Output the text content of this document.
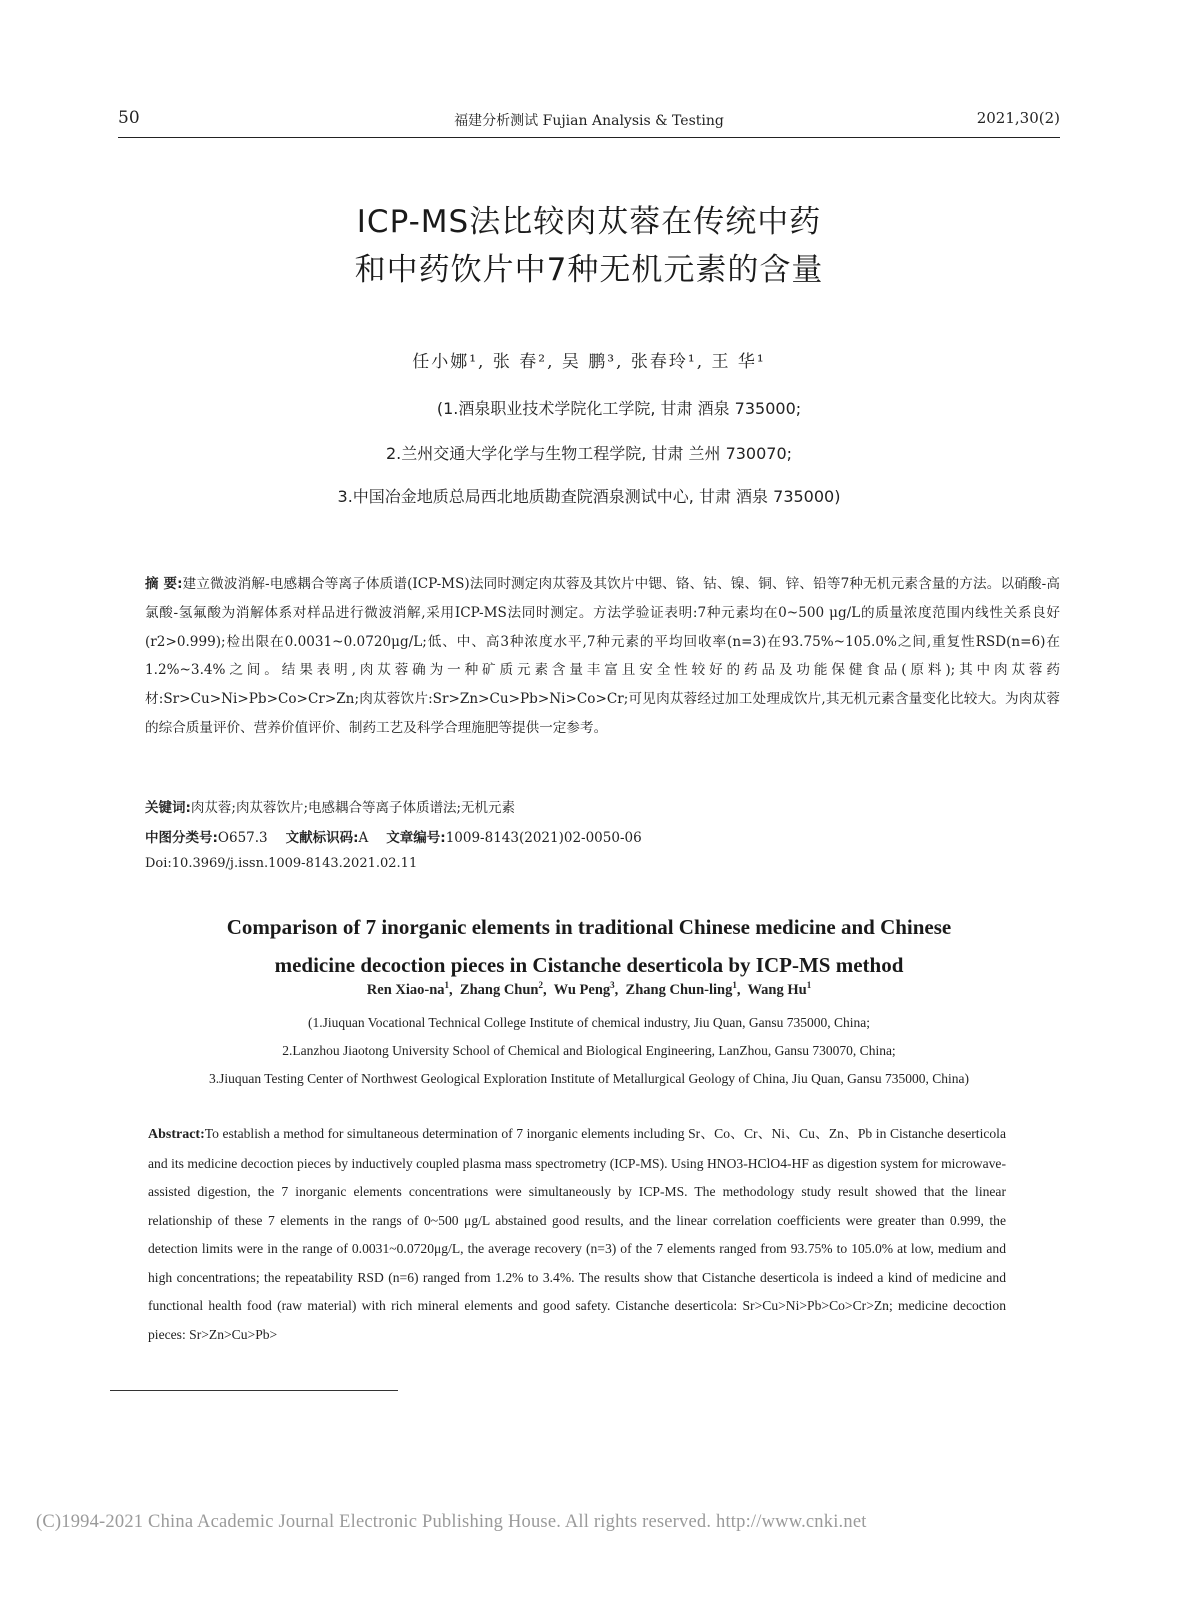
50	福建分析测试 Fujian Analysis & Testing	2021,30(2)
ICP-MS法比较肉苁蓉在传统中药
和中药饮片中7种无机元素的含量
任小娜¹, 张 春², 吴 鹏³, 张春玲¹, 王 华¹
(1.酒泉职业技术学院化工学院, 甘肃 酒泉 735000;
2.兰州交通大学化学与生物工程学院, 甘肃 兰州 730070;
3.中国冶金地质总局西北地质勘查院酒泉测试中心, 甘肃 酒泉 735000)
摘 要:建立微波消解-电感耦合等离子体质谱(ICP-MS)法同时测定肉苁蓉及其饮片中锶、铬、钴、镍、铜、锌、铅等7种无机元素含量的方法。以硝酸-高氯酸-氢氟酸为消解体系对样品进行微波消解,采用ICP-MS法同时测定。方法学验证表明:7种元素均在0~500 μg/L的质量浓度范围内线性关系良好(r2>0.999);检出限在0.0031~0.0720μg/L;低、中、高3种浓度水平,7种元素的平均回收率(n=3)在93.75%~105.0%之间,重复性RSD(n=6)在1.2%~3.4%之间。结果表明,肉苁蓉确为一种矿质元素含量丰富且安全性较好的药品及功能保健食品(原料);其中肉苁蓉药材:Sr>Cu>Ni>Pb>Co>Cr>Zn;肉苁蓉饮片:Sr>Zn>Cu>Pb>Ni>Co>Cr;可见肉苁蓉经过加工处理成饮片,其无机元素含量变化比较大。为肉苁蓉的综合质量评价、营养价值评价、制药工艺及科学合理施肥等提供一定参考。
关键词:肉苁蓉;肉苁蓉饮片;电感耦合等离子体质谱法;无机元素
中图分类号:O657.3 文献标识码:A 文章编号:1009-8143(2021)02-0050-06
Doi:10.3969/j.issn.1009-8143.2021.02.11
Comparison of 7 inorganic elements in traditional Chinese medicine and Chinese
medicine decoction pieces in Cistanche deserticola by ICP-MS method
Ren Xiao-na$^1$,  Zhang Chun$^2$,  Wu Peng$^3$,  Zhang Chun-ling$^1$,  Wang Hu$^1$
(1.Jiuquan Vocational Technical College Institute of chemical industry, Jiu Quan, Gansu 735000, China;
2.Lanzhou Jiaotong University School of Chemical and Biological Engineering, LanZhou, Gansu 730070, China;
3.Jiuquan Testing Center of Northwest Geological Exploration Institute of Metallurgical Geology of China, Jiu Quan, Gansu 735000, China)
Abstract:To establish a method for simultaneous determination of 7 inorganic elements including Sr、Co、Cr、Ni、Cu、Zn、Pb in Cistanche deserticola and its medicine decoction pieces by inductively coupled plasma mass spectrometry (ICP-MS). Using HNO3-HClO4-HF as digestion system for microwave-assisted digestion, the 7 inorganic elements concentrations were simultaneously by ICP-MS. The methodology study result showed that the linear relationship of these 7 elements in the rangs of 0~500 μg/L abstained good results, and the linear correlation coefficients were greater than 0.999, the detection limits were in the range of 0.0031~0.0720μg/L, the average recovery (n=3) of the 7 elements ranged from 93.75% to 105.0% at low, medium and high concentrations; the repeatability RSD (n=6) ranged from 1.2% to 3.4%. The results show that Cistanche deserticola is indeed a kind of medicine and functional health food (raw material) with rich mineral elements and good safety. Cistanche deserticola: Sr>Cu>Ni>Pb>Co>Cr>Zn; medicine decoction pieces: Sr>Zn>Cu>Pb>
(C)1994-2021 China Academic Journal Electronic Publishing House. All rights reserved. http://www.cnki.net
